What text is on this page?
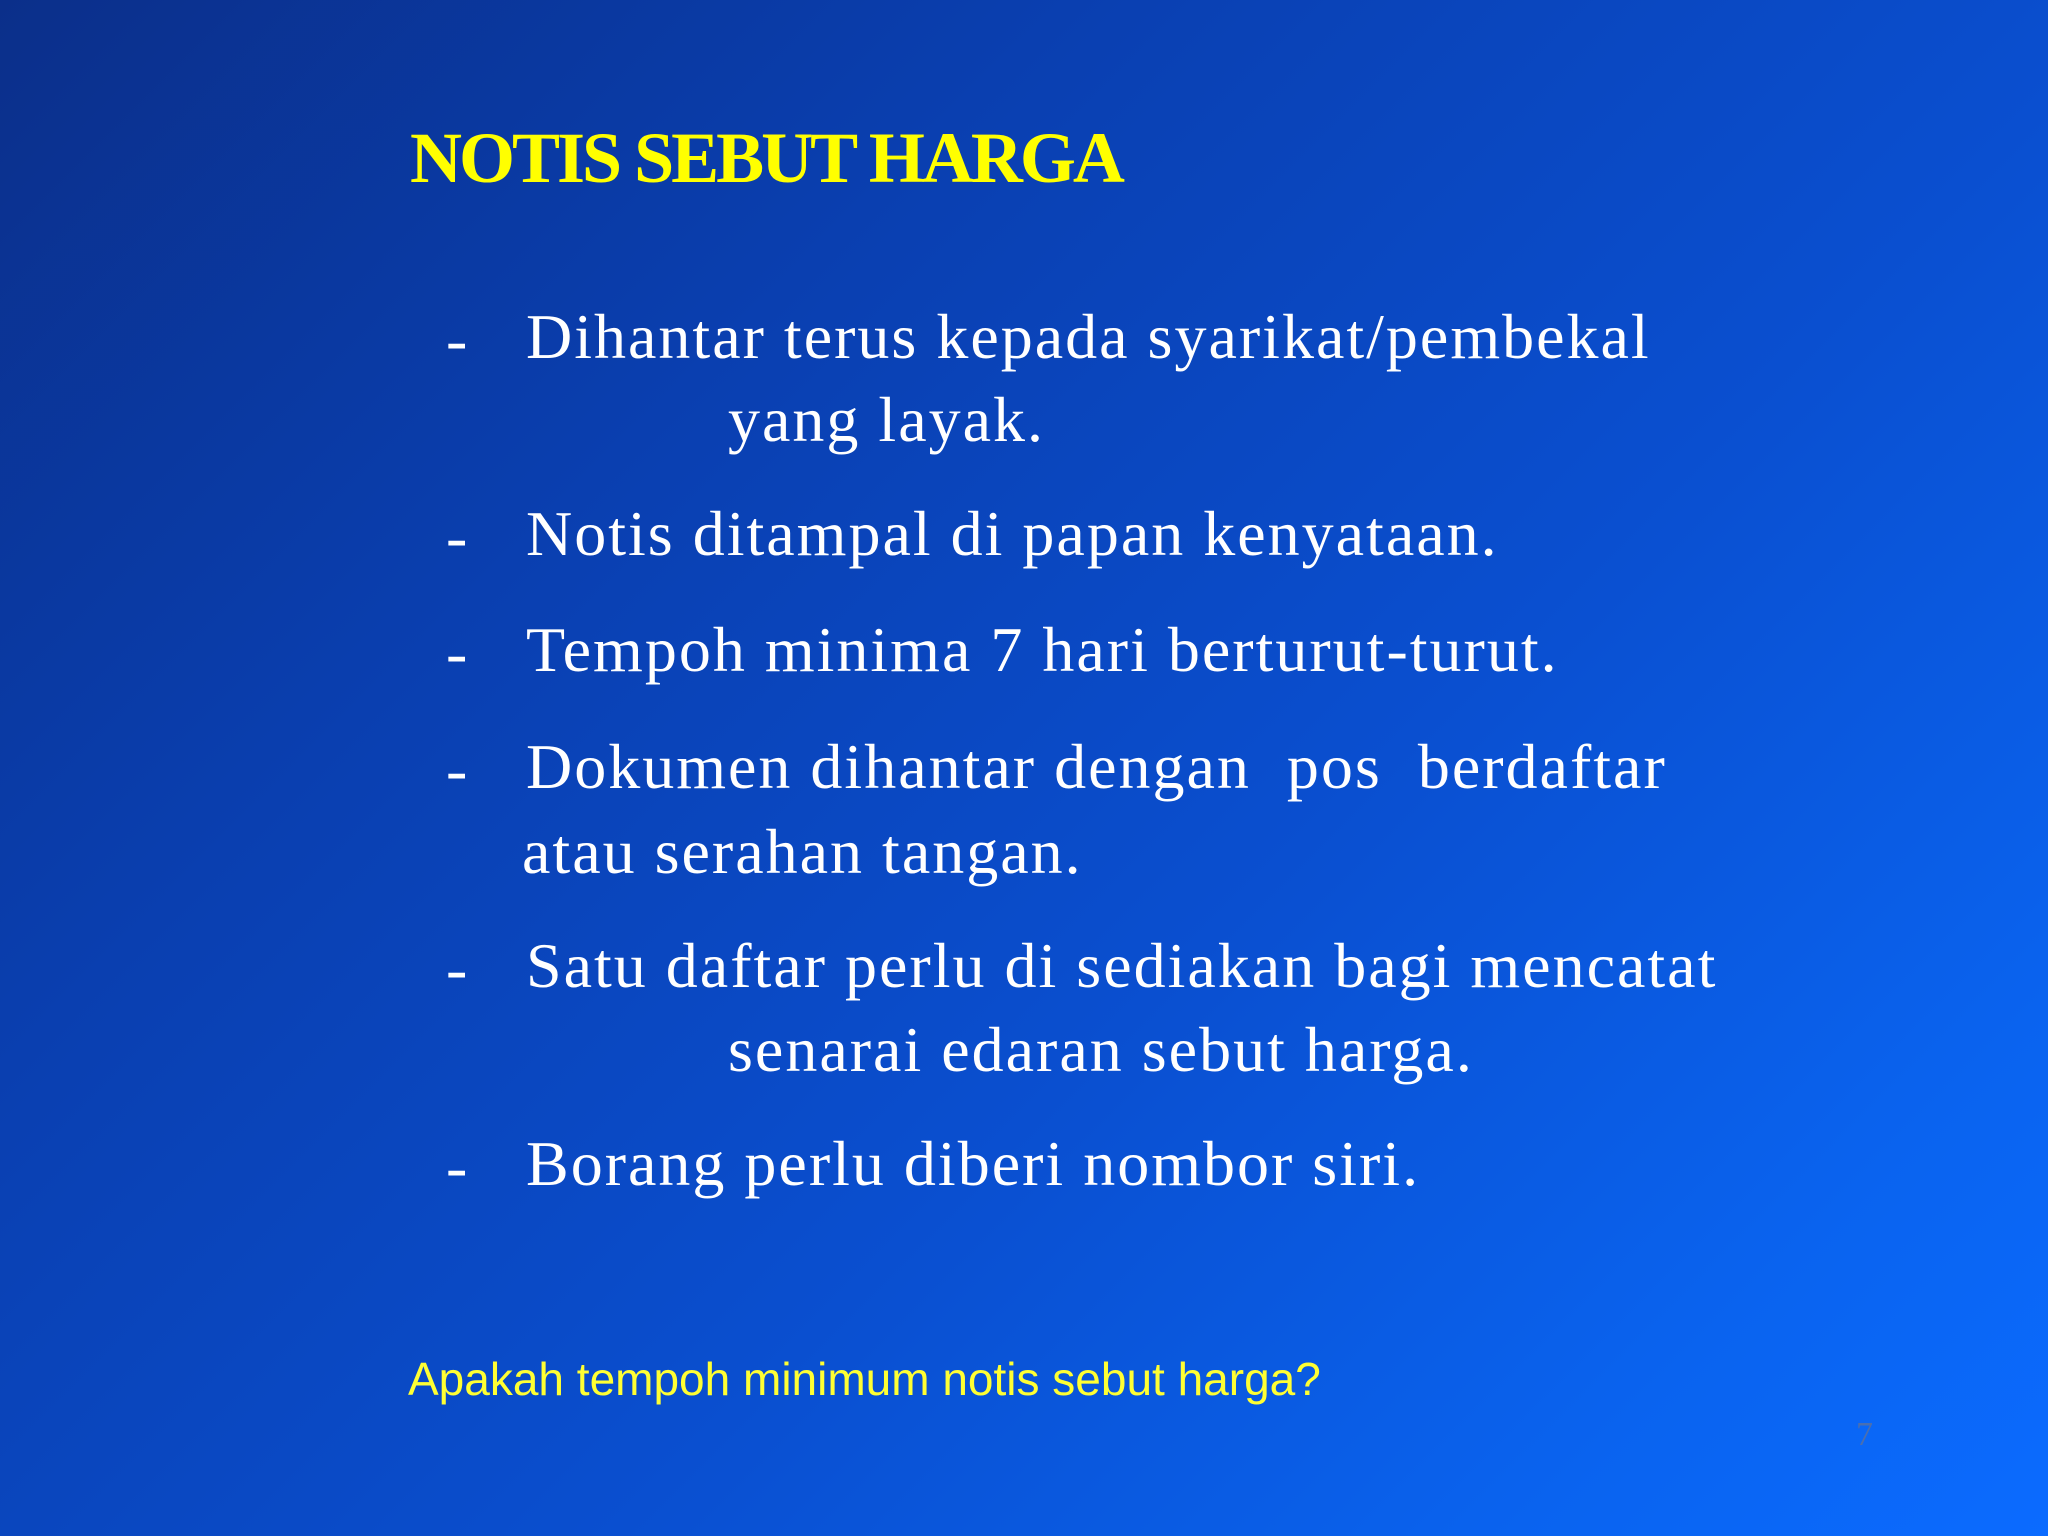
NOTIS SEBUT HARGA
- Dihantar terus kepada syarikat/pembekal
yang layak.
- Notis ditampal di papan kenyataan.
- Tempoh minima 7 hari berturut-turut.
- Dokumen dihantar dengan  pos  berdaftar
atau serahan tangan.
- Satu daftar perlu di sediakan bagi mencatat
senarai edaran sebut harga.
- Borang perlu diberi nombor siri.
Apakah tempoh minimum notis sebut harga?
7
